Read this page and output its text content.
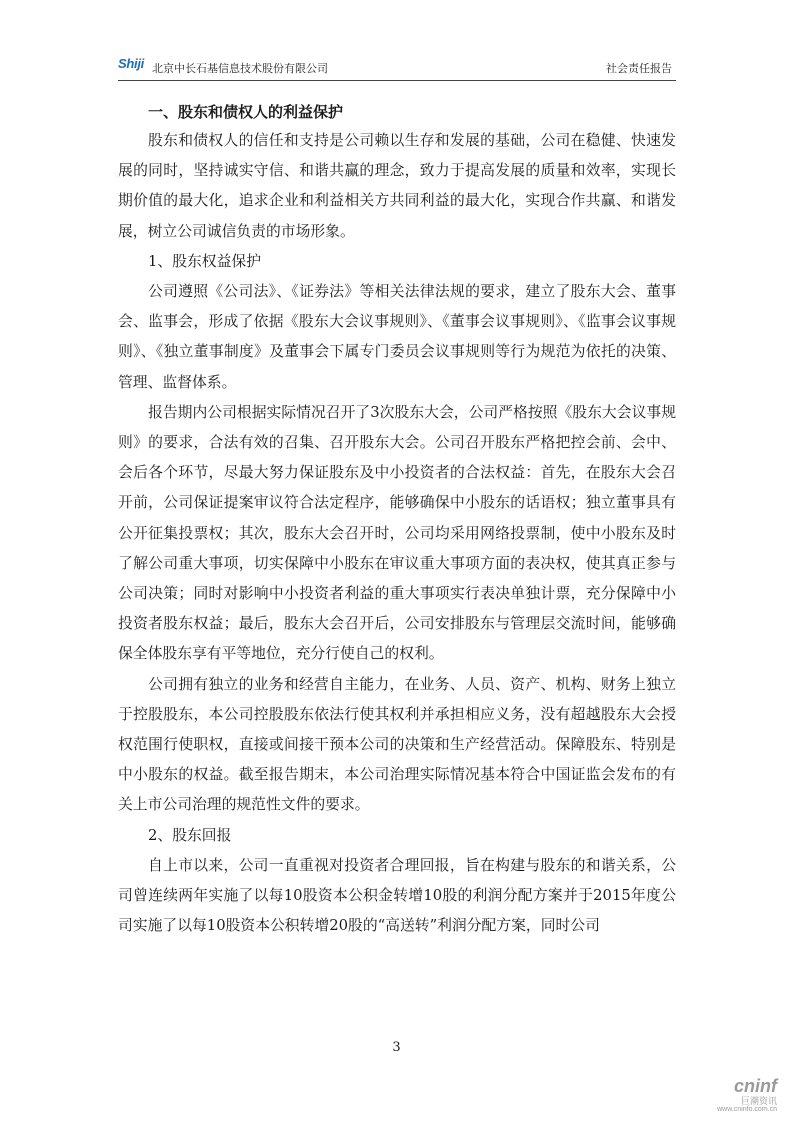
Shiji 北京中长石基信息技术股份有限公司	社会责任报告
一、股东和债权人的利益保护

股东和债权人的信任和支持是公司赖以生存和发展的基础，公司在稳健、快速发展的同时，坚持诚实守信、和谐共赢的理念，致力于提高发展的质量和效率，实现长期价值的最大化，追求企业和利益相关方共同利益的最大化，实现合作共赢、和谐发展，树立公司诚信负责的市场形象。

1、股东权益保护

公司遵照《公司法》、《证券法》等相关法律法规的要求，建立了股东大会、董事会、监事会，形成了依据《股东大会议事规则》、《董事会议事规则》、《监事会议事规则》、《独立董事制度》及董事会下属专门委员会议事规则等行为规范为依托的决策、管理、监督体系。

报告期内公司根据实际情况召开了3次股东大会，公司严格按照《股东大会议事规则》的要求，合法有效的召集、召开股东大会。公司召开股东严格把控会前、会中、会后各个环节，尽最大努力保证股东及中小投资者的合法权益：首先，在股东大会召开前，公司保证提案审议符合法定程序，能够确保中小股东的话语权；独立董事具有公开征集投票权；其次，股东大会召开时，公司均采用网络投票制，使中小股东及时了解公司重大事项，切实保障中小股东在审议重大事项方面的表决权，使其真正参与公司决策；同时对影响中小投资者利益的重大事项实行表决单独计票，充分保障中小投资者股东权益；最后，股东大会召开后，公司安排股东与管理层交流时间，能够确保全体股东享有平等地位，充分行使自己的权利。

公司拥有独立的业务和经营自主能力，在业务、人员、资产、机构、财务上独立于控股股东，本公司控股股东依法行使其权利并承担相应义务，没有超越股东大会授权范围行使职权，直接或间接干预本公司的决策和生产经营活动。保障股东、特别是中小股东的权益。截至报告期末，本公司治理实际情况基本符合中国证监会发布的有关上市公司治理的规范性文件的要求。

2、股东回报

自上市以来，公司一直重视对投资者合理回报，旨在构建与股东的和谐关系，公司曾连续两年实施了以每10股资本公积金转增10股的利润分配方案并于2015年度公司实施了以每10股资本公积转增20股的“高送转”利润分配方案，同时公司

3
cninf
巨潮资讯
www.cninfo.com.cn
